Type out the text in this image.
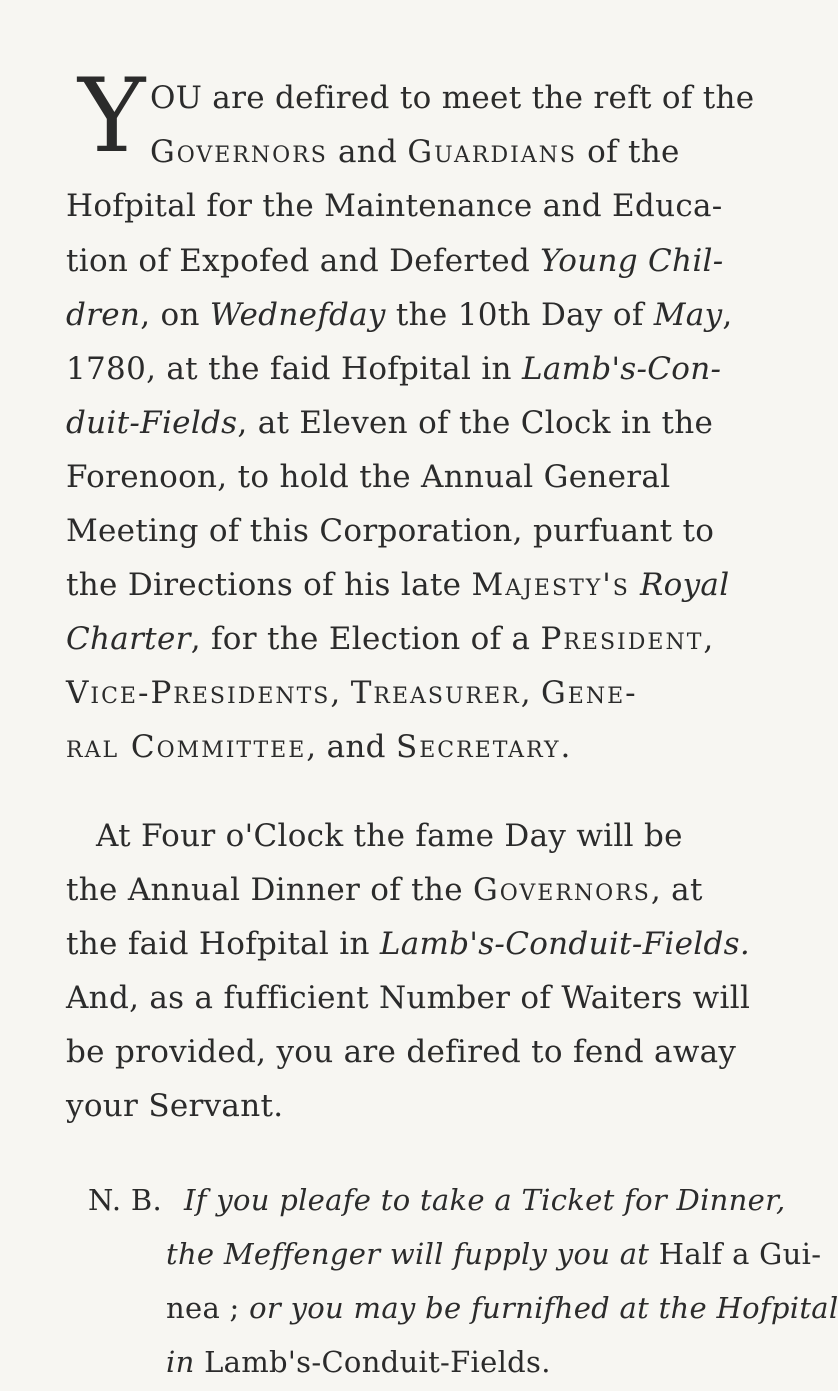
Y OU are defired to meet the reft of the
Governors and Guardians of the
Hofpital for the Maintenance and Educa-
tion of Expofed and Deferted Young Chil-
dren, on Wednefday the 10th Day of May,
1780, at the faid Hofpital in Lamb's-Con-
duit-Fields, at Eleven of the Clock in the
Forenoon, to hold the Annual General
Meeting of this Corporation, purfuant to
the Directions of his late Majesty's Royal
Charter, for the Election of a President,
Vice-Presidents, Treasurer, Gene-
ral Committee, and Secretary.
At Four o'Clock the fame Day will be
the Annual Dinner of the Governors, at
the faid Hofpital in Lamb's-Conduit-Fields.
And, as a fufficient Number of Waiters will
be provided, you are defired to fend away
your Servant.
N. B. If you pleafe to take a Ticket for Dinner,
the Meffenger will fupply you at Half a Gui-
nea ; or you may be furnifhed at the Hofpital
in Lamb's-Conduit-Fields.
